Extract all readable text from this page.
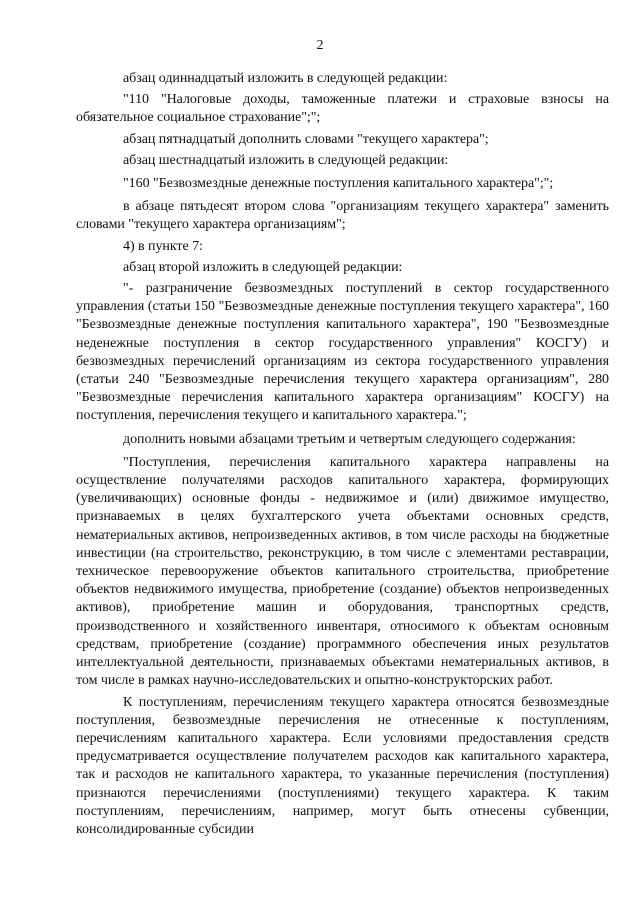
2

абзац одиннадцатый изложить в следующей редакции:

"110 "Налоговые доходы, таможенные платежи и страховые взносы на обязательное социальное страхование";";

абзац пятнадцатый дополнить словами "текущего характера";

абзац шестнадцатый изложить в следующей редакции:

"160 "Безвозмездные денежные поступления капитального характера";";

в абзаце пятьдесят втором слова "организациям текущего характера" заменить словами "текущего характера организациям";

4) в пункте 7:

абзац второй изложить в следующей редакции:

"- разграничение безвозмездных поступлений в сектор государственного управления (статьи 150 "Безвозмездные денежные поступления текущего характера", 160 "Безвозмездные денежные поступления капитального характера", 190 "Безвозмездные неденежные поступления в сектор государственного управления" КОСГУ) и безвозмездных перечислений организациям из сектора государственного управления (статьи 240 "Безвозмездные перечисления текущего характера организациям", 280 "Безвозмездные перечисления капитального характера организациям" КОСГУ) на поступления, перечисления текущего и капитального характера.";

дополнить новыми абзацами третьим и четвертым следующего содержания:

"Поступления, перечисления капитального характера направлены на осуществление получателями расходов капитального характера, формирующих (увеличивающих) основные фонды - недвижимое и (или) движимое имущество, признаваемых в целях бухгалтерского учета объектами основных средств, нематериальных активов, непроизведенных активов, в том числе расходы на бюджетные инвестиции (на строительство, реконструкцию, в том числе с элементами реставрации, техническое перевооружение объектов капитального строительства, приобретение объектов недвижимого имущества, приобретение (создание) объектов непроизведенных активов), приобретение машин и оборудования, транспортных средств, производственного и хозяйственного инвентаря, относимого к объектам основным средствам, приобретение (создание) программного обеспечения иных результатов интеллектуальной деятельности, признаваемых объектами нематериальных активов, в том числе в рамках научно-исследовательских и опытно-конструкторских работ.

К поступлениям, перечислениям текущего характера относятся безвозмездные поступления, безвозмездные перечисления не отнесенные к поступлениям, перечислениям капитального характера. Если условиями предоставления средств предусматривается осуществление получателем расходов как капитального характера, так и расходов не капитального характера, то указанные перечисления (поступления) признаются перечислениями (поступлениями) текущего характера. К таким поступлениям, перечислениям, например, могут быть отнесены субвенции, консолидированные субсидии
